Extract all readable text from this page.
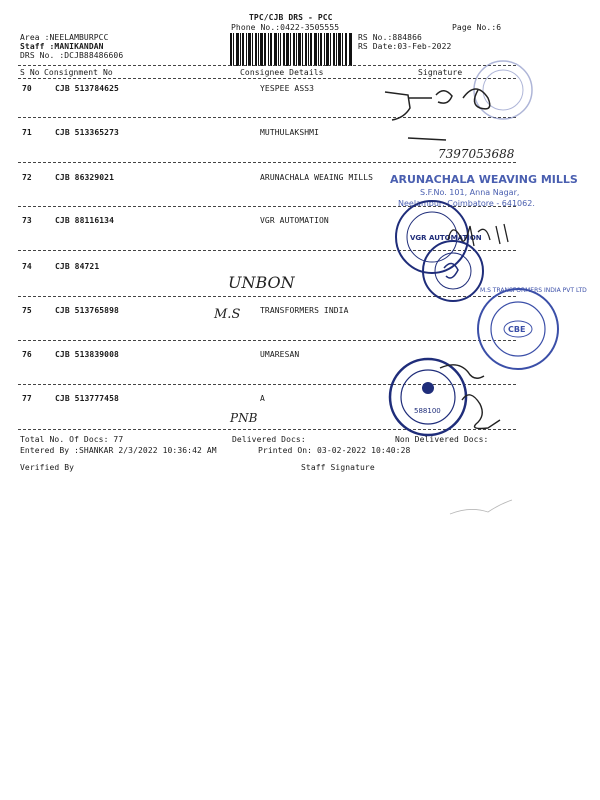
TPC/CJB DRS - PCC
Phone No.:0422-3505555	Page No.:6
Area :NEELAMBURPCC
Staff :MANIKANDAN
DRS No. :DCJB88486606
RS No.:884866
RS Date:03-Feb-2022
S No Consignment No	Consignee Details	Signature
70	CJB 513784625	YESPEE ASS3
71	CJB 513365273	MUTHULAKSHMI
72	CJB 86329021	ARUNACHALA WEAING MILLS
73	CJB 88116134	VGR AUTOMATION
74	CJB 84721
75	CJB 513765898	TRANSFORMERS INDIA
76	CJB 513839008	UMARESAN
77	CJB 513777458	A
Total No. Of Docs: 77	Delivered Docs:	Non Delivered Docs:
Entered By :SHANKAR 2/3/2022 10:36:42 AM	Printed On: 03-02-2022 10:40:28
Verified By	Staff Signature
7397053688
ARUNACHALA WEAVING MILLS
S.F.No. 101, Anna Nagar,
Neelambur, Coimbatore - 641062.
VGR AUTOMATION
UNBON
M.S
CBE
M.S TRANSFORMERS INDIA PVT LTD
588100
PNB
